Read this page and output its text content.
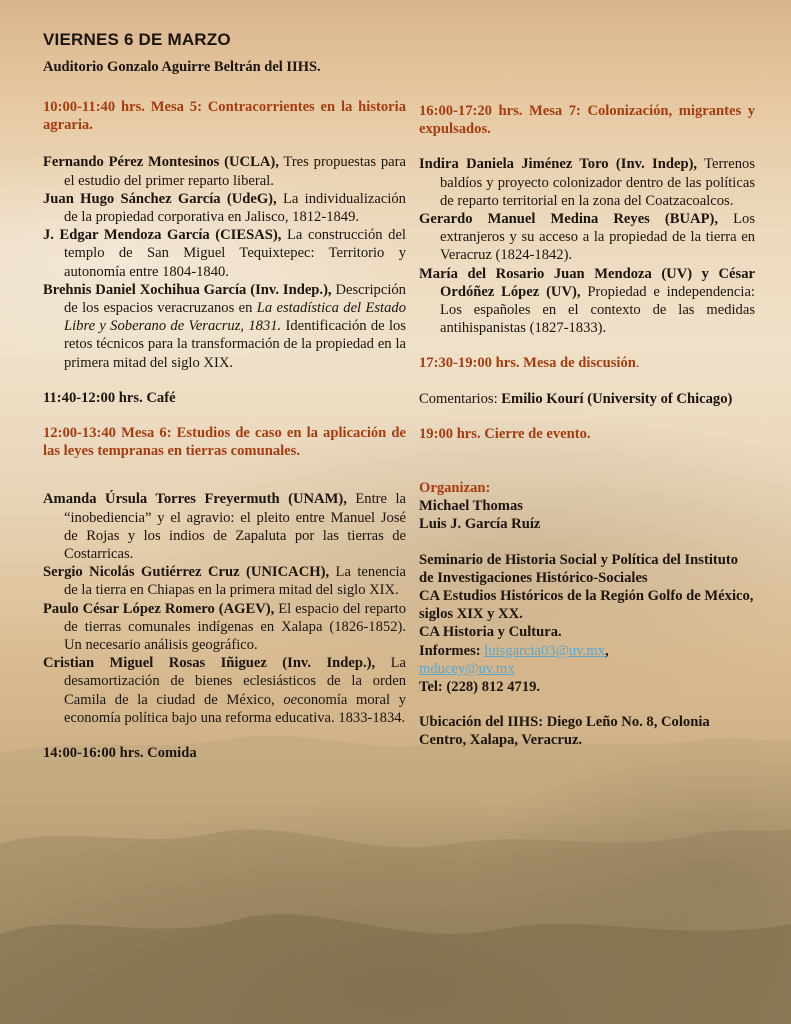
VIERNES 6 DE MARZO

Auditorio Gonzalo Aguirre Beltrán del IIHS.

10:00-11:40 hrs. Mesa 5: Contracorrientes en la historia agraria.

Fernando Pérez Montesinos (UCLA), Tres propuestas para el estudio del primer reparto liberal.

Juan Hugo Sánchez García (UdeG), La individualización de la propiedad corporativa en Jalisco, 1812-1849.

J. Edgar Mendoza García (CIESAS), La construcción del templo de San Miguel Tequixtepec: Territorio y autonomía entre 1804-1840.

Brehnis Daniel Xochihua García (Inv. Indep.), Descripción de los espacios veracruzanos en La estadística del Estado Libre y Soberano de Veracruz, 1831. Identificación de los retos técnicos para la transformación de la propiedad en la primera mitad del siglo XIX.

11:40-12:00 hrs. Café

12:00-13:40 Mesa 6: Estudios de caso en la aplicación de las leyes tempranas en tierras comunales.

Amanda Úrsula Torres Freyermuth (UNAM), Entre la “inobediencia” y el agravio: el pleito entre Manuel José de Rojas y los indios de Zapaluta por las tierras de Costarricas.

Sergio Nicolás Gutiérrez Cruz (UNICACH), La tenencia de la tierra en Chiapas en la primera mitad del siglo XIX.

Paulo César López Romero (AGEV), El espacio del reparto de tierras comunales indígenas en Xalapa (1826-1852). Un necesario análisis geográfico.

Cristian Miguel Rosas Iñiguez (Inv. Indep.), La desamortización de bienes eclesiásticos de la orden Camila de la ciudad de México, oeconomía moral y economía política bajo una reforma educativa. 1833-1834.

14:00-16:00 hrs. Comida

16:00-17:20 hrs. Mesa 7: Colonización, migrantes y expulsados.

Indira Daniela Jiménez Toro (Inv. Indep), Terrenos baldíos y proyecto colonizador dentro de las políticas de reparto territorial en la zona del Coatzacoalcos.

Gerardo Manuel Medina Reyes (BUAP), Los extranjeros y su acceso a la propiedad de la tierra en Veracruz (1824-1842).

María del Rosario Juan Mendoza (UV) y César Ordóñez López (UV), Propiedad e independencia: Los españoles en el contexto de las medidas antihispanistas (1827-1833).

17:30-19:00 hrs. Mesa de discusión.

Comentarios: Emilio Kourí (University of Chicago)

19:00 hrs. Cierre de evento.

Organizan:

Michael Thomas

Luis J. García Ruíz

Seminario de Historia Social y Política del Instituto de Investigaciones Histórico-Sociales

CA Estudios Históricos de la Región Golfo de México, siglos XIX y XX.

CA Historia y Cultura.

Informes: luisgarcia03@uv.mx,

mducey@uv.mx

Tel: (228) 812 4719.

Ubicación del IIHS: Diego Leño No. 8, Colonia Centro, Xalapa, Veracruz.
